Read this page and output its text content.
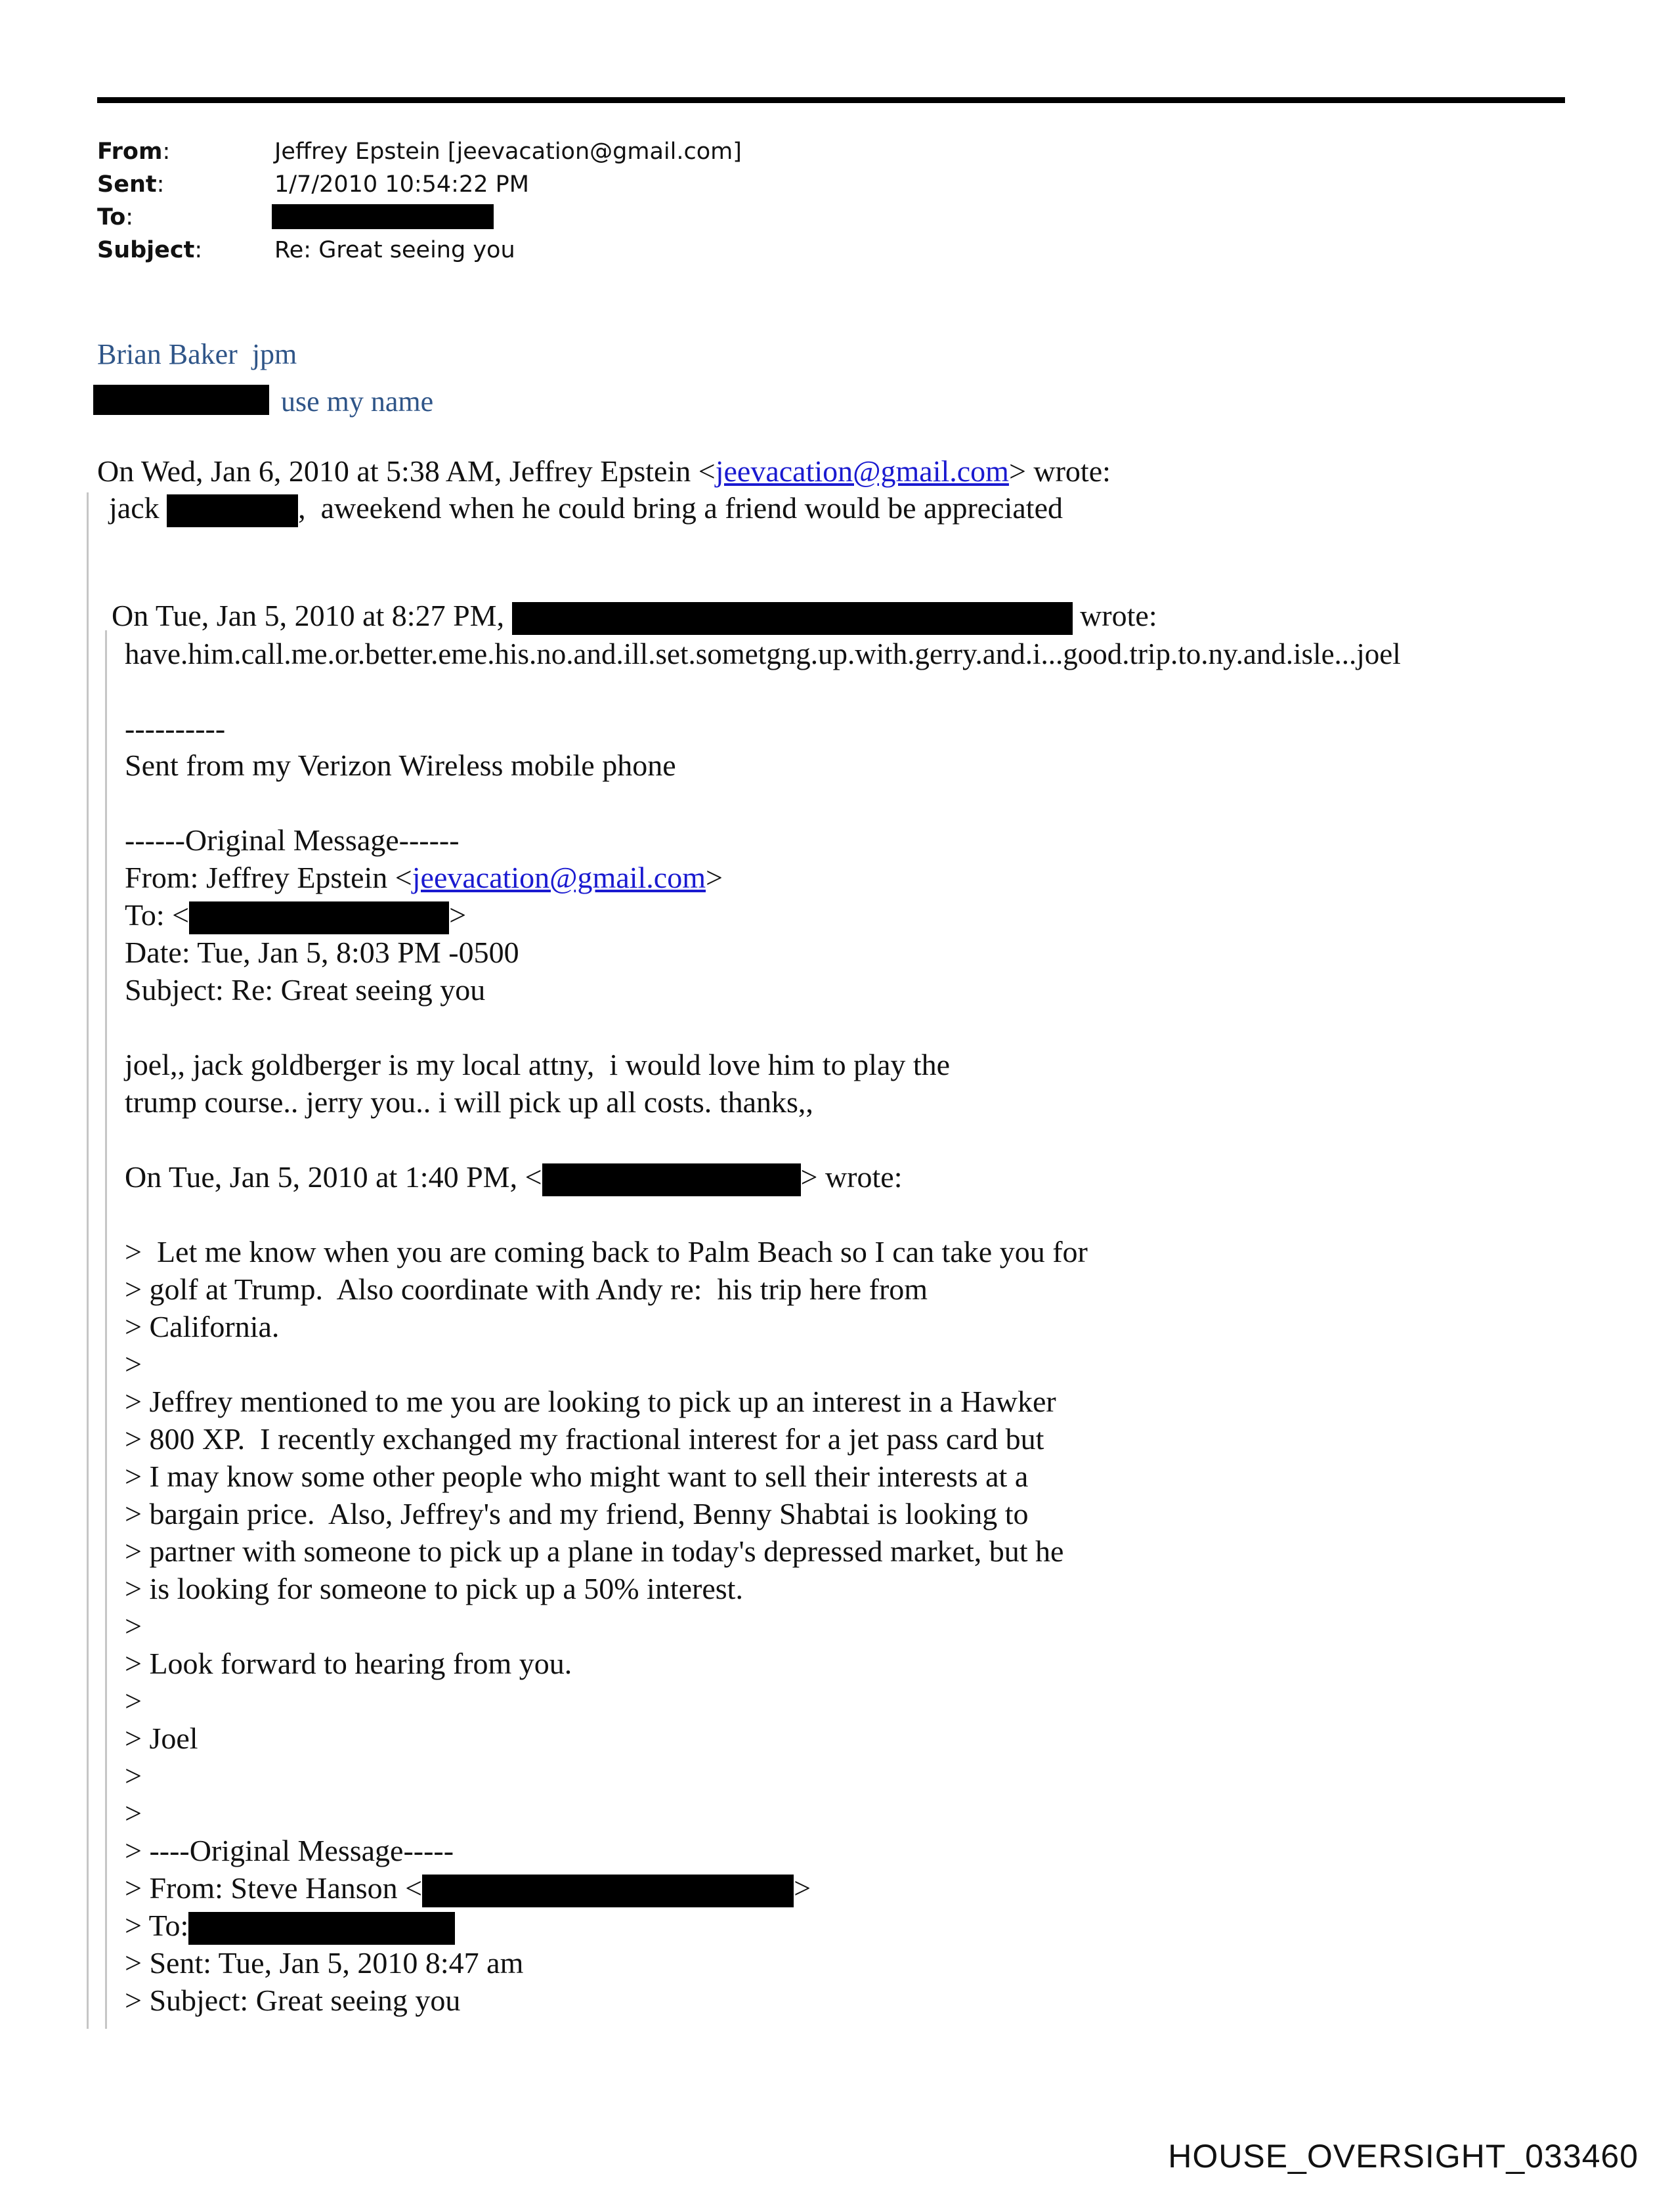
From:	Jeffrey Epstein [jeevacation@gmail.com]
Sent:	1/7/2010 10:54:22 PM
To:
Subject:	Re: Great seeing you
Brian Baker  jpm
use my name
On Wed, Jan 6, 2010 at 5:38 AM, Jeffrey Epstein <jeevacation@gmail.com> wrote:
jack	,  aweekend when he could bring a friend would be appreciated
On Tue, Jan 5, 2010 at 8:27 PM,	wrote:
have.him.call.me.or.better.eme.his.no.and.ill.set.sometgng.up.with.gerry.and.i...good.trip.to.ny.and.isle...joel
----------
Sent from my Verizon Wireless mobile phone
------Original Message------
From: Jeffrey Epstein <jeevacation@gmail.com>
To: <	>
Date: Tue, Jan 5, 8:03 PM -0500
Subject: Re: Great seeing you
joel,, jack goldberger is my local attny,  i would love him to play the
trump course.. jerry you.. i will pick up all costs. thanks,,
On Tue, Jan 5, 2010 at 1:40 PM, <	> wrote:
>  Let me know when you are coming back to Palm Beach so I can take you for
> golf at Trump.  Also coordinate with Andy re:  his trip here from
> California.
>
> Jeffrey mentioned to me you are looking to pick up an interest in a Hawker
> 800 XP.  I recently exchanged my fractional interest for a jet pass card but
> I may know some other people who might want to sell their interests at a
> bargain price.  Also, Jeffrey's and my friend, Benny Shabtai is looking to
> partner with someone to pick up a plane in today's depressed market, but he
> is looking for someone to pick up a 50% interest.
>
> Look forward to hearing from you.
>
> Joel
>
>
> ----Original Message-----
> From: Steve Hanson <	>
> To:
> Sent: Tue, Jan 5, 2010 8:47 am
> Subject: Great seeing you
HOUSE_OVERSIGHT_033460
